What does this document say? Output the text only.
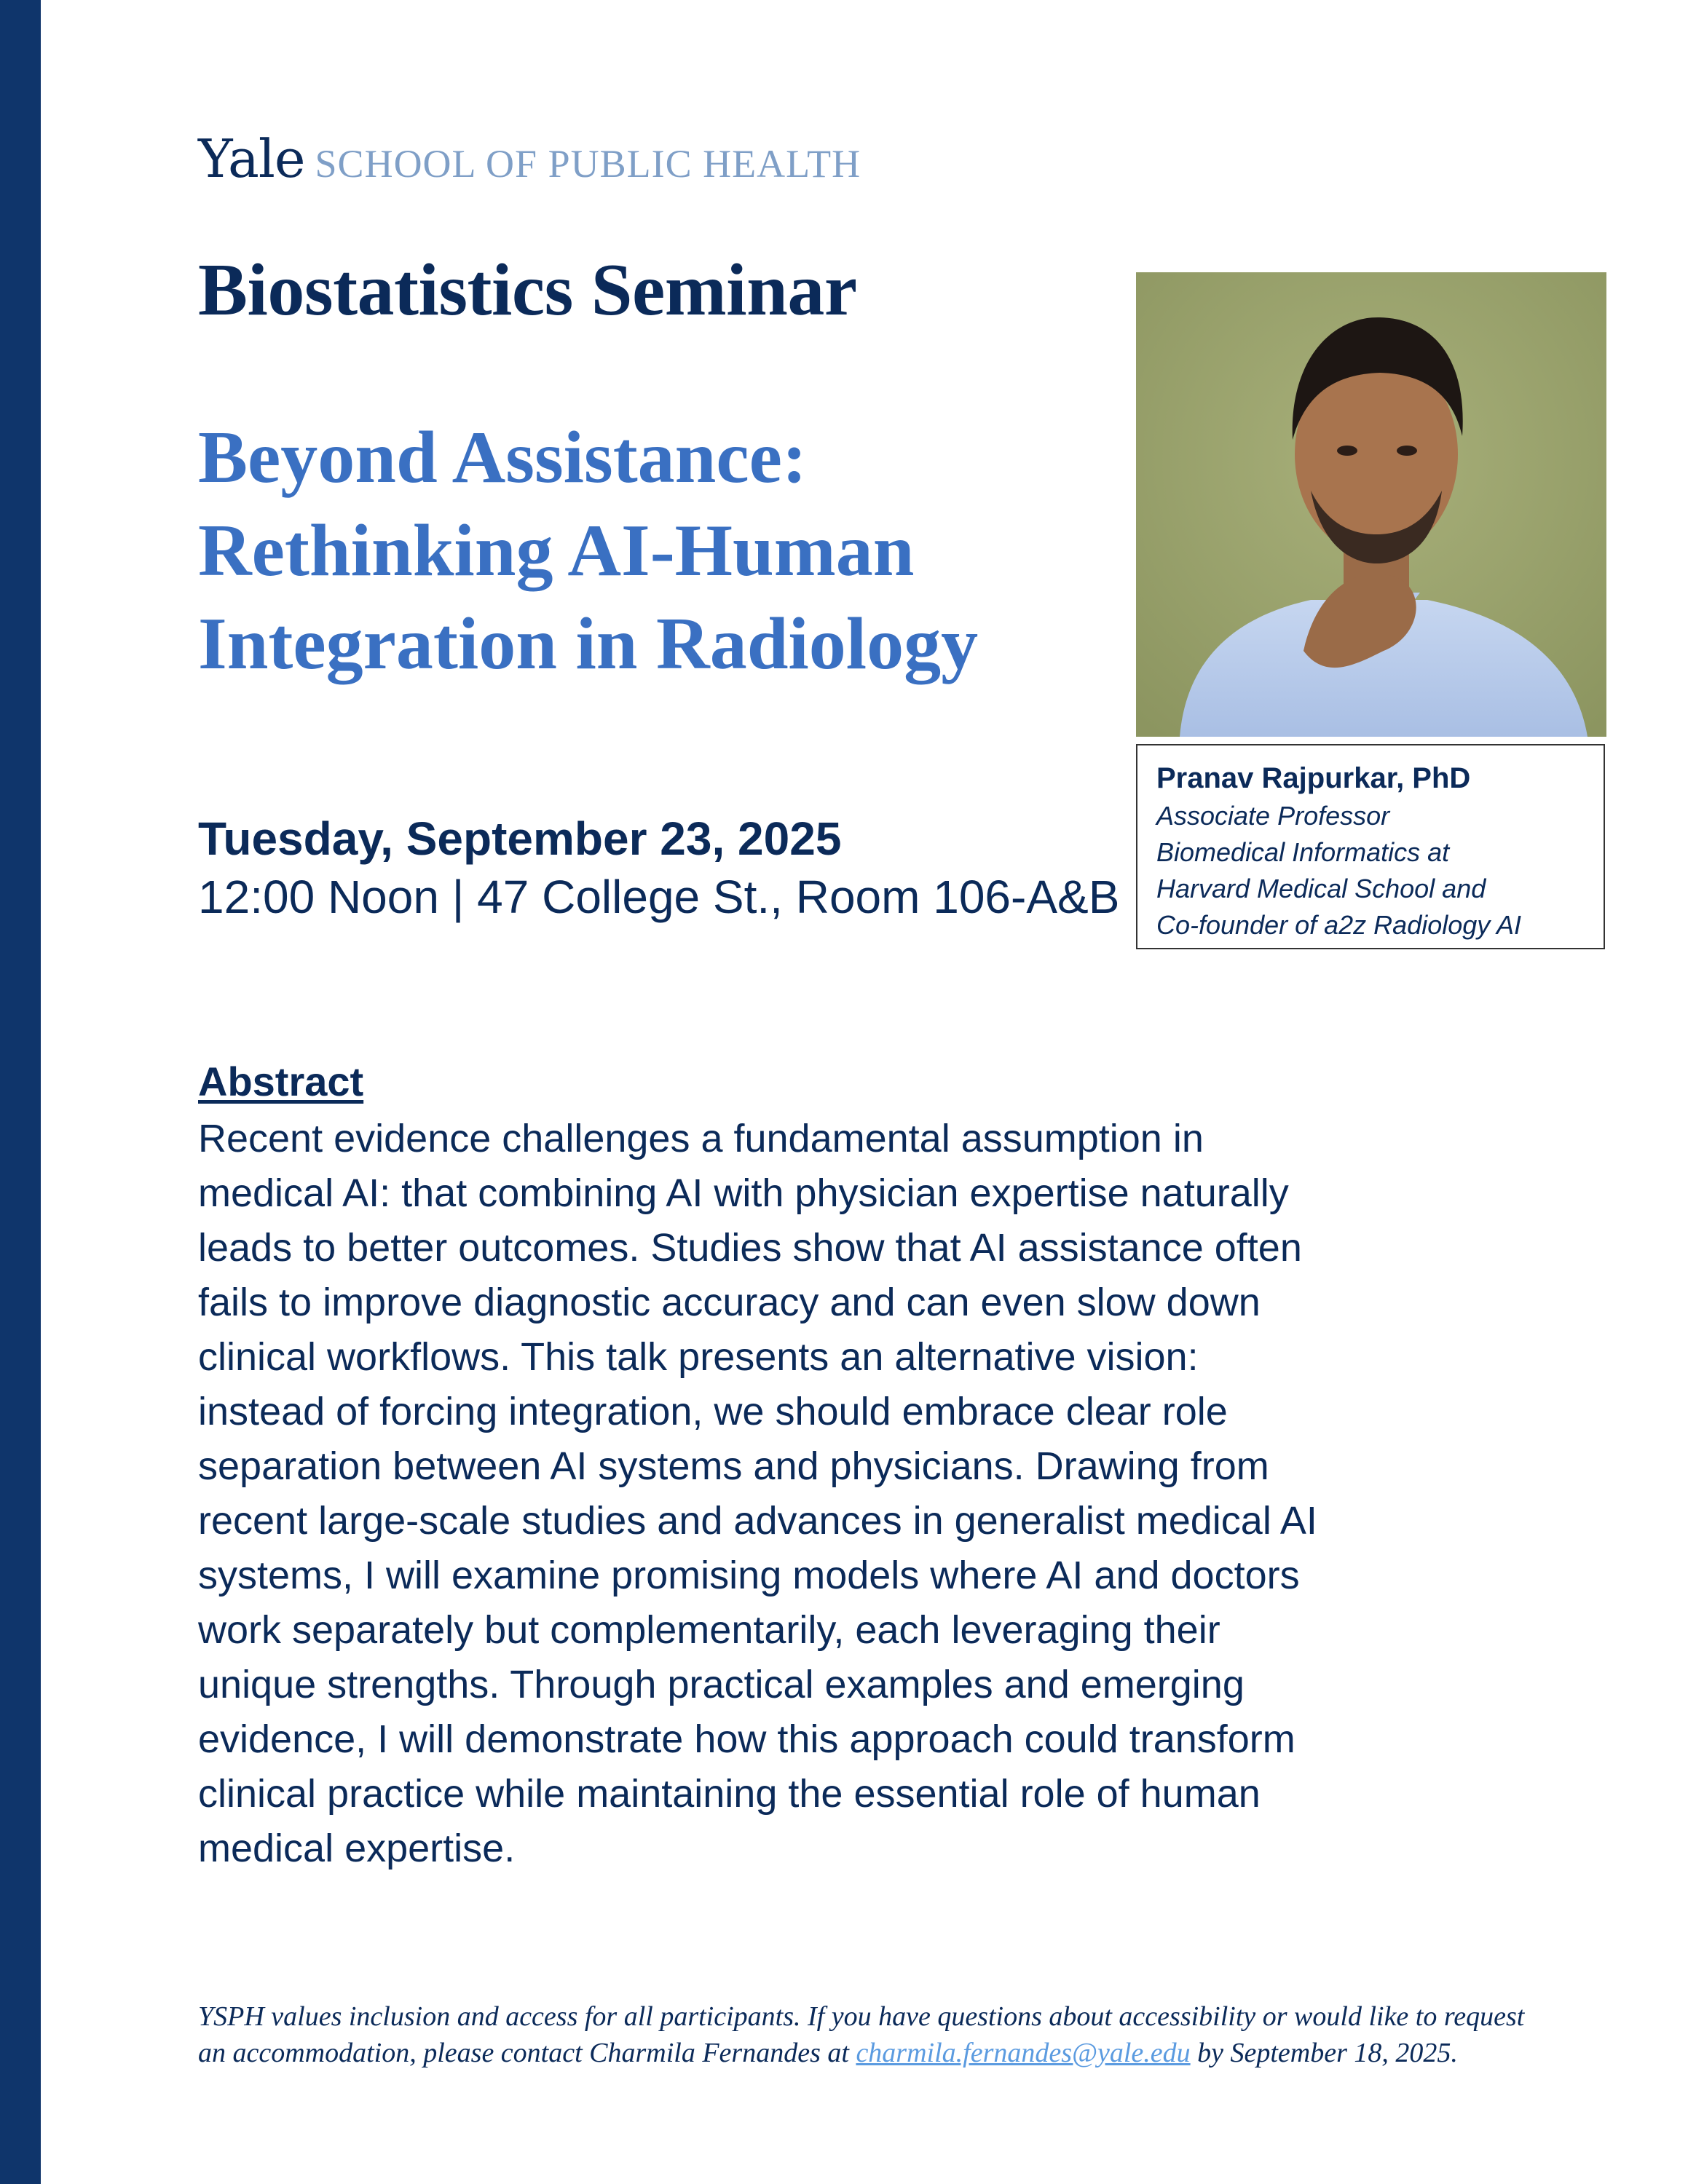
Yale SCHOOL OF PUBLIC HEALTH
Biostatistics Seminar
Beyond Assistance:
Rethinking AI-Human
Integration in Radiology
Tuesday, September 23, 2025
12:00 Noon | 47 College St., Room 106-A&B
Pranav Rajpurkar, PhD
Associate Professor
Biomedical Informatics at
Harvard Medical School and
Co-founder of a2z Radiology AI
Abstract
Recent evidence challenges a fundamental assumption in
medical AI: that combining AI with physician expertise naturally
leads to better outcomes. Studies show that AI assistance often
fails to improve diagnostic accuracy and can even slow down
clinical workflows. This talk presents an alternative vision:
instead of forcing integration, we should embrace clear role
separation between AI systems and physicians. Drawing from
recent large-scale studies and advances in generalist medical AI
systems, I will examine promising models where AI and doctors
work separately but complementarily, each leveraging their
unique strengths. Through practical examples and emerging
evidence, I will demonstrate how this approach could transform
clinical practice while maintaining the essential role of human
medical expertise.
YSPH values inclusion and access for all participants. If you have questions about accessibility or would like to request
an accommodation, please contact Charmila Fernandes at charmila.fernandes@yale.edu by September 18, 2025.
